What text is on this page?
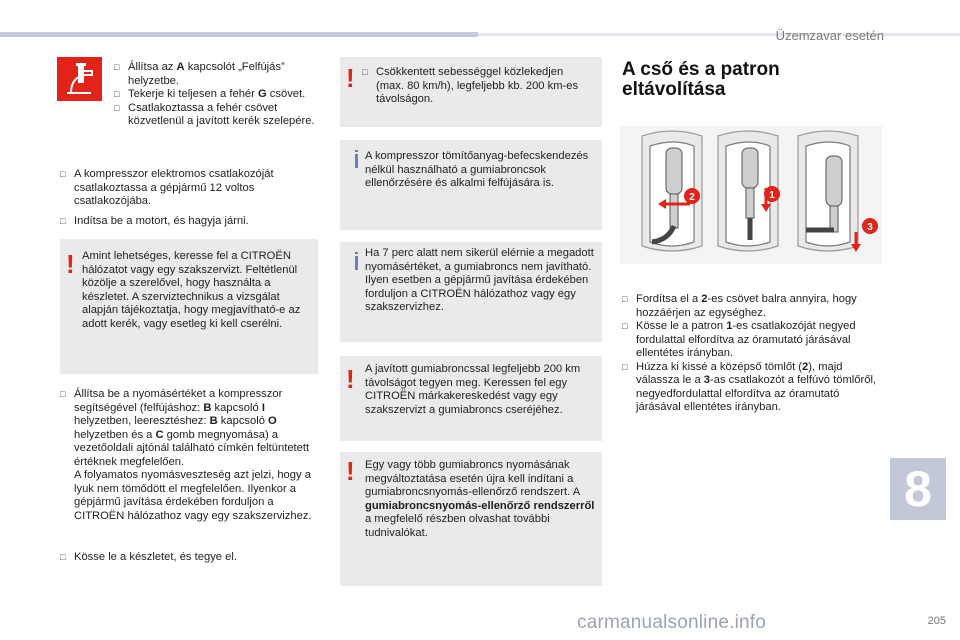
Üzemzavar esetén

□ Állítsa az A kapcsolót „Felfújás” helyzetbe.

□ Tekerje ki teljesen a fehér G csövet.

□ Csatlakoztassa a fehér csövet közvetlenül a javított kerék szelepére.

□ A kompresszor elektromos csatlakozóját csatlakoztassa a gépjármű 12 voltos csatlakozójába.

□ Indítsa be a motort, és hagyja járni.

! Amint lehetséges, keresse fel a CITROËN hálózatot vagy egy szakszervizt. Feltétlenül közölje a szerelővel, hogy használta a készletet. A szerviztechnikus a vizsgálat alapján tájékoztatja, hogy megjavítható-e az adott kerék, vagy esetleg ki kell cserélni.

□ Állítsa be a nyomásértéket a kompresszor segítségével (felfújáshoz: B kapcsoló I helyzetben, leeresztéshez: B kapcsoló O helyzetben és a C gomb megnyomása) a vezetőoldali ajtónál található címkén feltüntetett értéknek megfelelően.
A folyamatos nyomásveszteség azt jelzi, hogy a lyuk nem tömődött el megfelelően. Ilyenkor a gépjármű javítása érdekében forduljon a CITROËN hálózathoz vagy egy szakszervizhez.

□ Kösse le a készletet, és tegye el.

!

□	Csökkentett sebességgel közlekedjen (max. 80 km/h), legfeljebb kb. 200 km-es távolságon.

A kompresszor tömítőanyag-befecskendezés nélkül használható a gumiabroncsok ellenőrzésére és alkalmi felfújására is.
Ha 7 perc alatt nem sikerül elérnie a megadott nyomásértéket, a gumiabroncs nem javítható. Ilyen esetben a gépjármű javítása érdekében forduljon a CITROËN hálózathoz vagy egy szakszervizhez.
! A javított gumiabroncssal legfeljebb 200 km távolságot tegyen meg. Keressen fel egy CITROËN márkakereskedést vagy egy szakszervizt a gumiabroncs cseréjéhez.
! Egy vagy több gumiabroncs nyomásának megváltoztatása esetén újra kell indítani a gumiabroncsnyomás-ellenőrző rendszert. A gumiabroncsnyomás-ellenőrző rendszerről a megfelelő részben olvashat további tudnivalókat.
A cső és a patron
eltávolítása
2	1
3

□ Fordítsa el a 2-es csövet balra annyira, hogy hozzáérjen az egységhez.

□ Kösse le a patron 1-es csatlakozóját negyed fordulattal elfordítva az óramutató járásával ellentétes irányban.

□ Húzza ki kissé a középső tömlőt (2), majd válassza le a 3-as csatlakozót a felfúvó tömlőről, negyedfordulattal elfordítva az óramutató járásával ellentétes irányban.

8
carmanualsonline.info	205
